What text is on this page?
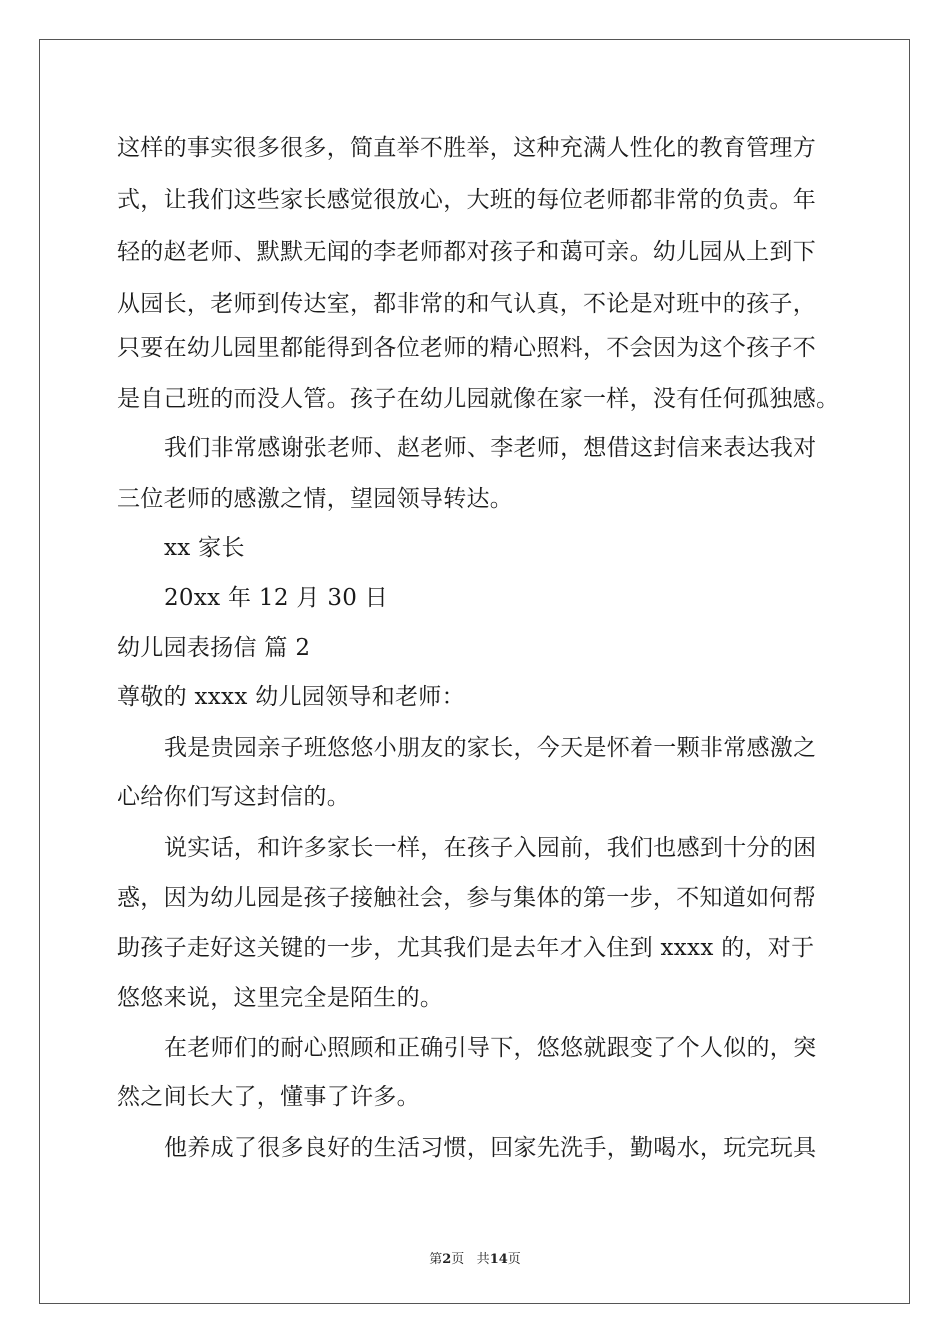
这样的事实很多很多，简直举不胜举，这种充满人性化的教育管理方
式，让我们这些家长感觉很放心，大班的每位老师都非常的负责。年
轻的赵老师、默默无闻的李老师都对孩子和蔼可亲。幼儿园从上到下
从园长，老师到传达室，都非常的和气认真，不论是对班中的孩子，
只要在幼儿园里都能得到各位老师的精心照料，不会因为这个孩子不
是自己班的而没人管。孩子在幼儿园就像在家一样，没有任何孤独感。
我们非常感谢张老师、赵老师、李老师，想借这封信来表达我对
三位老师的感激之情，望园领导转达。
xx 家长
20xx 年 12 月 30 日
幼儿园表扬信 篇 2
尊敬的 xxxx 幼儿园领导和老师：
我是贵园亲子班悠悠小朋友的家长，今天是怀着一颗非常感激之
心给你们写这封信的。
说实话，和许多家长一样，在孩子入园前，我们也感到十分的困
惑，因为幼儿园是孩子接触社会，参与集体的第一步，不知道如何帮
助孩子走好这关键的一步，尤其我们是去年才入住到 xxxx 的，对于
悠悠来说，这里完全是陌生的。
在老师们的耐心照顾和正确引导下，悠悠就跟变了个人似的，突
然之间长大了，懂事了许多。
他养成了很多良好的生活习惯，回家先洗手，勤喝水，玩完玩具
第2页 共14页
